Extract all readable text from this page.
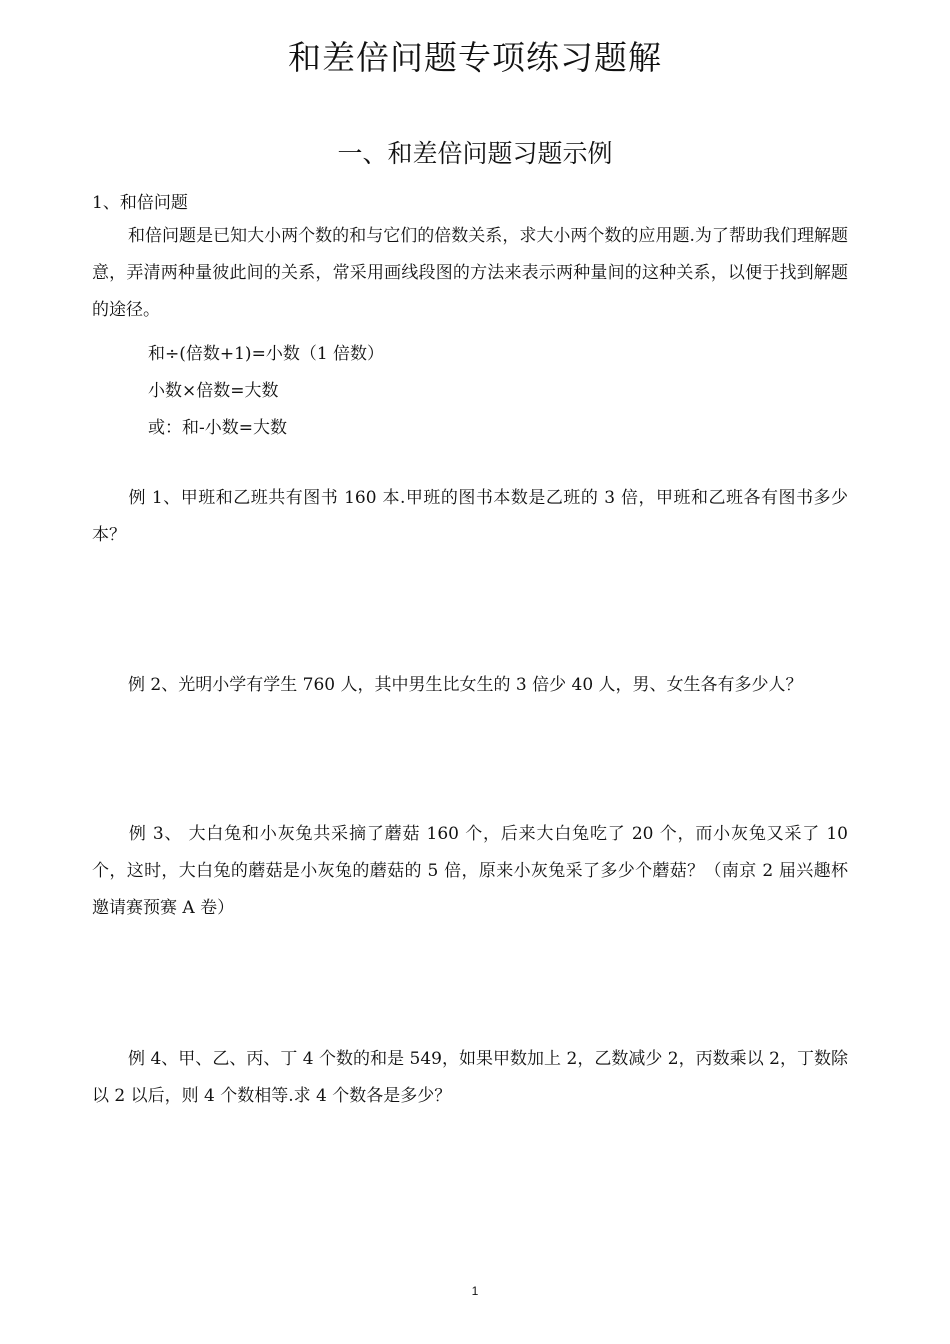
和差倍问题专项练习题解
一、和差倍问题习题示例
1、和倍问题
和倍问题是已知大小两个数的和与它们的倍数关系，求大小两个数的应用题.为了帮助我们理解题意，弄清两种量彼此间的关系，常采用画线段图的方法来表示两种量间的这种关系，以便于找到解题的途径。
和÷(倍数+1)=小数（1 倍数）
小数×倍数=大数
或：和-小数=大数
例 1、甲班和乙班共有图书 160 本.甲班的图书本数是乙班的 3 倍，甲班和乙班各有图书多少本？
例 2、光明小学有学生 760 人，其中男生比女生的 3 倍少 40 人，男、女生各有多少人？
例 3、 大白兔和小灰兔共采摘了蘑菇 160 个，后来大白兔吃了 20 个，而小灰兔又采了 10 个，这时，大白兔的蘑菇是小灰兔的蘑菇的 5 倍，原来小灰兔采了多少个蘑菇？（南京 2 届兴趣杯邀请赛预赛 A 卷）
例 4、甲、乙、丙、丁 4 个数的和是 549，如果甲数加上 2，乙数减少 2，丙数乘以 2，丁数除以 2 以后，则 4 个数相等.求 4 个数各是多少？
1
